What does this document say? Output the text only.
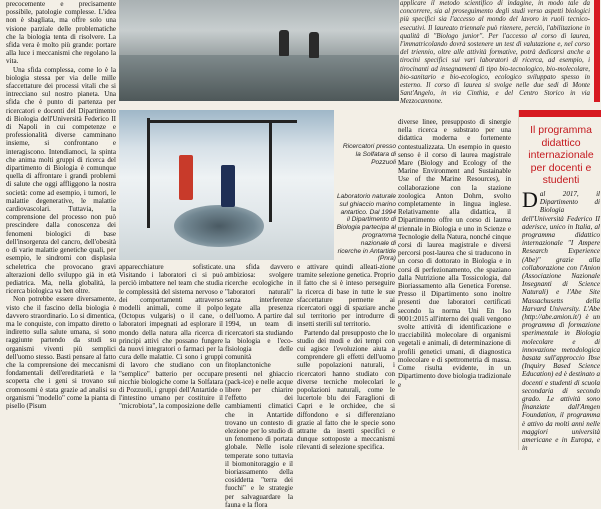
precocemente e precisamente possibile, patologie complesse. L'idea non è sbagliata, ma offre solo una visione parziale delle problematiche che la biologia tenta di risolvere. La sfida vera è molto più grande: portare alla luce i meccanismi che regolano la vita.

Una sfida complessa, come lo è la biologia stessa per via delle mille sfaccettature dei processi vitali che si intrecciano sul nostro pianeta. Una sfida che è punto di partenza per ricercatori e docenti del Dipartimento di Biologia dell'Università Federico II di Napoli in cui competenze e professionalità diverse camminano insieme, si confrontano e interagiscono. Intendiamoci, la spinta che anima molti gruppi di ricerca del dipartimento di Biologia è comunque quella di affrontare i grandi problemi di salute che oggi affliggono la nostra società: come ad esempio, i tumori, le malattie degenerative, le malattie cardiovascolari. Tuttavia, la comprensione del processo non può prescindere dalla conoscenza dei fenomeni biologici di base dell'insorgenza del cancro, dell'obesità o di varie malattie genetiche quali, per esempio, le sindromi con displasia scheletrica che provocano gravi alterazioni dello sviluppo già in età pediatrica. Ma, nella globalità, la ricerca biologica va ben oltre.

Non potrebbe essere diversamente, visto che il fascino della biologia è davvero straordinario. Lo si dimentica, ma le conquiste, con impatto diretto o indiretto sulla salute umana, si sono raggiunte partendo da studi su organismi viventi più semplici dell'uomo stesso. Basti pensare al fatto che la comprensione dei meccanismi fondamentali dell'ereditarietà e la scoperta che i geni si trovano sui cromosomi è stata grazie ad analisi su organismi "modello" come la pianta di pisello (Pisum

applicare il metodo scientifico di indagine, in modo tale da concorrere, sia al proseguimento degli studi verso aspetti biologici più specifici sia l'accesso al mondo del lavoro in ruoli tecnico-esecutivi. Il laureato triennale può ritenere, perciò, l'abilitazione in qualità di "Biologo junior". Per l'accesso al corso di laurea, l'immatricolando dovrà sostenere un test di valutazione e, nel corso del triennio, oltre alle attività formative, potrà dedicarsi anche a tirocini specifici sui vari laboratori di ricerca, ad esempio, i tirocinanti ad insegnamenti di tipo bio-tecnologico, bio-molecolare, bio-sanitario e bio-ecologico, ecologico sviluppato spesso in esterno. Il corso di laurea si svolge nelle due sedi di Monte Sant'Angelo, in via Cinthia, e del Centro Storico in via Mezzocannone.

Ricercatori presso la Solfatara di Pozzuoli
Laboratorio naturale sul ghiaccio marino antartico. Dal 1994 il Dipartimento di Biologia partecipa al programma nazionale di ricerche in Antartide (Pnra)

apparecchiature sofisticate. Visitando i laboratori ci si può perciò imbattere nel team che studia le complessità del sistema nervoso e dei comportamenti attraverso modelli animali, come il polpo (Octopus vulgaris) o il cane, o laboratori impegnati ad esplorare il mondo della natura alla ricerca di principi attivi che possano fungere da nuovi integratori o farmaci per la cura delle malattie. Ci sono i gruppi di lavoro che studiano con un "semplice" batterio per occupare nicchie biologiche come la Solfatara di Pozzuoli, i gruppi dell'Antartide o l'intestino umano per costituire il "microbiota", la composizione delle

una sfida davvero ambiziosa: svolgere ricerche ecologiche in "laboratori naturali" senza interferenze legate alla presenza dell'uomo. A partire dal 1994, un team di ricercatori sta studiando la biologia e l'eco-fisiologia delle comunità fitoplanctoniche presenti nel ghiaccio (pack-ice) e nelle acque libere per chiarire l'effetto dei cambiamenti climatici che in Antartide trovano un contesto di elezione per lo studio di un fenomeno di portata globale. Nelle isole temperate sono tuttavia il biomonitoraggio e il bioriassamento della cosiddetta "terra dei fuochi" e le strategie per salvaguardare la fauna e la flora

e attivare quindi alleati-zione tramite selezione genetica. Proprio il fatto che si è inteso perseguire la ricerca di base in tutte le sue sfaccettature permette ai ricercatori oggi di spaziare anche sul territorio per introdurre di insetti sterili sul territorio.

Partendo dal presupposto che lo studio dei modi e dei tempi con cui agisce l'evoluzione aiuta a comprendere gli effetti dell'uomo sulle popolazioni naturali, i ricercatori hanno studiato con diverse tecniche molecolari le popolazioni naturali, come le lucertole blu dei Faraglioni di Capri e le orchidee, che si diffondono e si differenziano grazie al fatto che le specie sono attratte da insetti specifici e dunque sottoposte a meccanismi rilevanti di selezione specifica.

diverse linee, presupposto di sinergie nella ricerca e substrato per una didattica moderna e fortemente contestualizzata. Un esempio in questo senso è il corso di laurea magistrale Mare (Biology and Ecology of the Marine Environment and Sustainable Use of the Marine Resources), in collaborazione con la stazione zoologica Anton Dohrn, svolto completamente in lingua inglese. Relativamente alla didattica, il Dipartimento offre un corso di laurea triennale in Biologia e uno in Scienze e Tecnologie della Natura, nonché cinque corsi di laurea magistrale e diversi percorsi post-laurea che si traducono in un corso di dottorato in Biologia e in corsi di perfezionamento, che spaziano dalla Nutrizione alla Tossicologia, dal Bioriassamento alla Genetica Forense. Presso il Dipartimento sono inoltre presenti due laboratori certificati secondo la norma Uni En Iso 9001:2015 all'interno dei quali vengono svolte attività di identificazione e tracciabilità molecolare di organismi vegetali e animali, di determinazione di profili genetici umani, di diagnostica molecolare e di spettrometria di massa. Come risulta evidente, in un Dipartimento dove biologia tradizionale e

Il programma didattico internazionale per docenti e studenti

Dal 2017, il Dipartimento di Biologia dell'Università Federico II aderisce, unico in Italia, al programma didattico internazionale "I Ampere Research Experience (Abe)" grazie alla collaborazione con l'Anion (Associazione Nazionale Insegnanti di Science Naturali) e l'Abe Site Massachusetts della Harvard University. L'Abe (http://abe.amion.it/) è un programma di formazione sperimentale in Biologia molecolare e di innovazione metodologica basata sull'approccio Ibse (Inquiry Based Science Education) ed è destinato a docenti e studenti di scuola secondaria di secondo grado. Le attività sono finanziate dall'Amgen Foundation, il programma è attivo da molti anni nelle maggiori università americane e in Europa, e in
